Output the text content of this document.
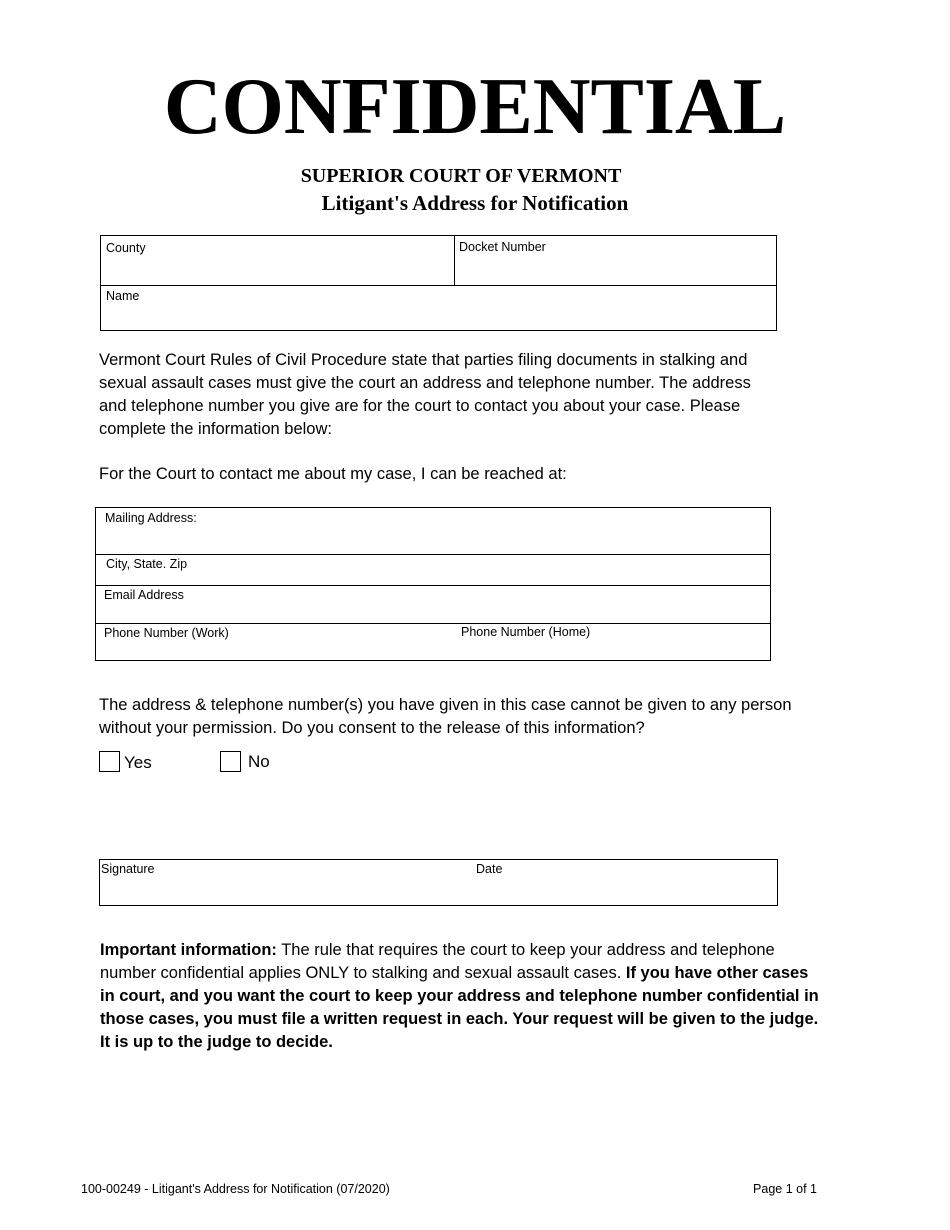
CONFIDENTIAL
SUPERIOR COURT OF VERMONT
Litigant's Address for Notification
County	Docket Number
Name
Vermont Court Rules of Civil Procedure state that parties filing documents in stalking and sexual assault cases must give the court an address and telephone number. The address and telephone number you give are for the court to contact you about your case. Please complete the information below:
For the Court to contact me about my case, I can be reached at:
Mailing Address:
City, State. Zip
Email Address
Phone Number (Work)	Phone Number (Home)
The address & telephone number(s) you have given in this case cannot be given to any person without your permission. Do you consent to the release of this information?
Yes	No
Signature	Date
Important information: The rule that requires the court to keep your address and telephone number confidential applies ONLY to stalking and sexual assault cases. If you have other cases in court, and you want the court to keep your address and telephone number confidential in those cases, you must file a written request in each. Your request will be given to the judge. It is up to the judge to decide.
100-00249 - Litigant's Address for Notification (07/2020)	Page 1 of 1
